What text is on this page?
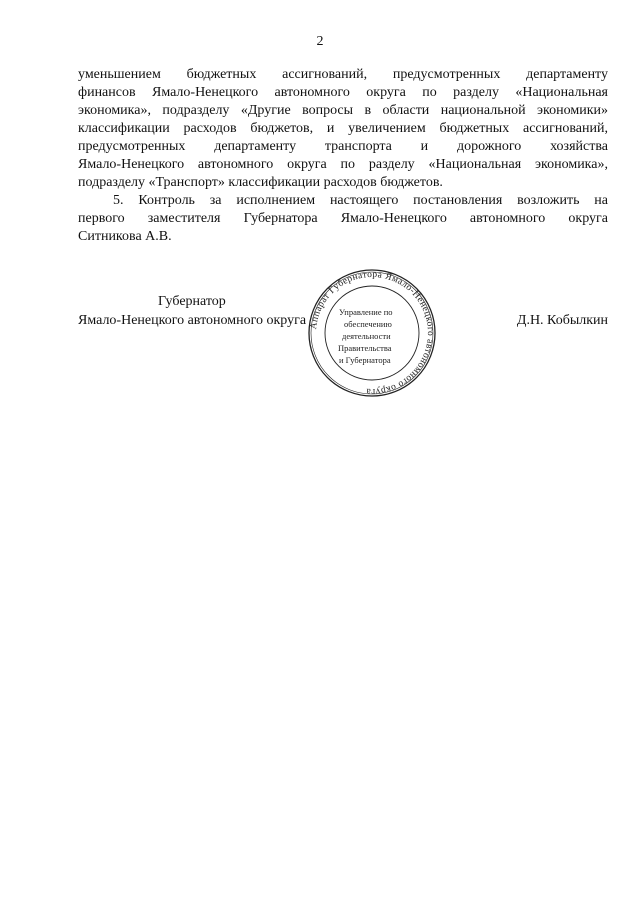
2
уменьшением бюджетных ассигнований, предусмотренных департаменту
финансов Ямало-Ненецкого автономного округа по разделу «Национальная
экономика», подразделу «Другие вопросы в области национальной экономики»
классификации расходов бюджетов, и увеличением бюджетных ассигнований,
предусмотренных департаменту транспорта и дорожного хозяйства
Ямало-Ненецкого автономного округа по разделу «Национальная экономика»,
подразделу «Транспорт» классификации расходов бюджетов.
5. Контроль за исполнением настоящего постановления возложить на
первого заместителя Губернатора Ямало-Ненецкого автономного округа
Ситникова А.В.
Губернатор
Ямало-Ненецкого автономного округа	Д.Н. Кобылкин
Аппарат Губернатора Ямало-Ненецкого автономного округа
Управление по
обеспечению
деятельности
Правительства
и Губернатора
